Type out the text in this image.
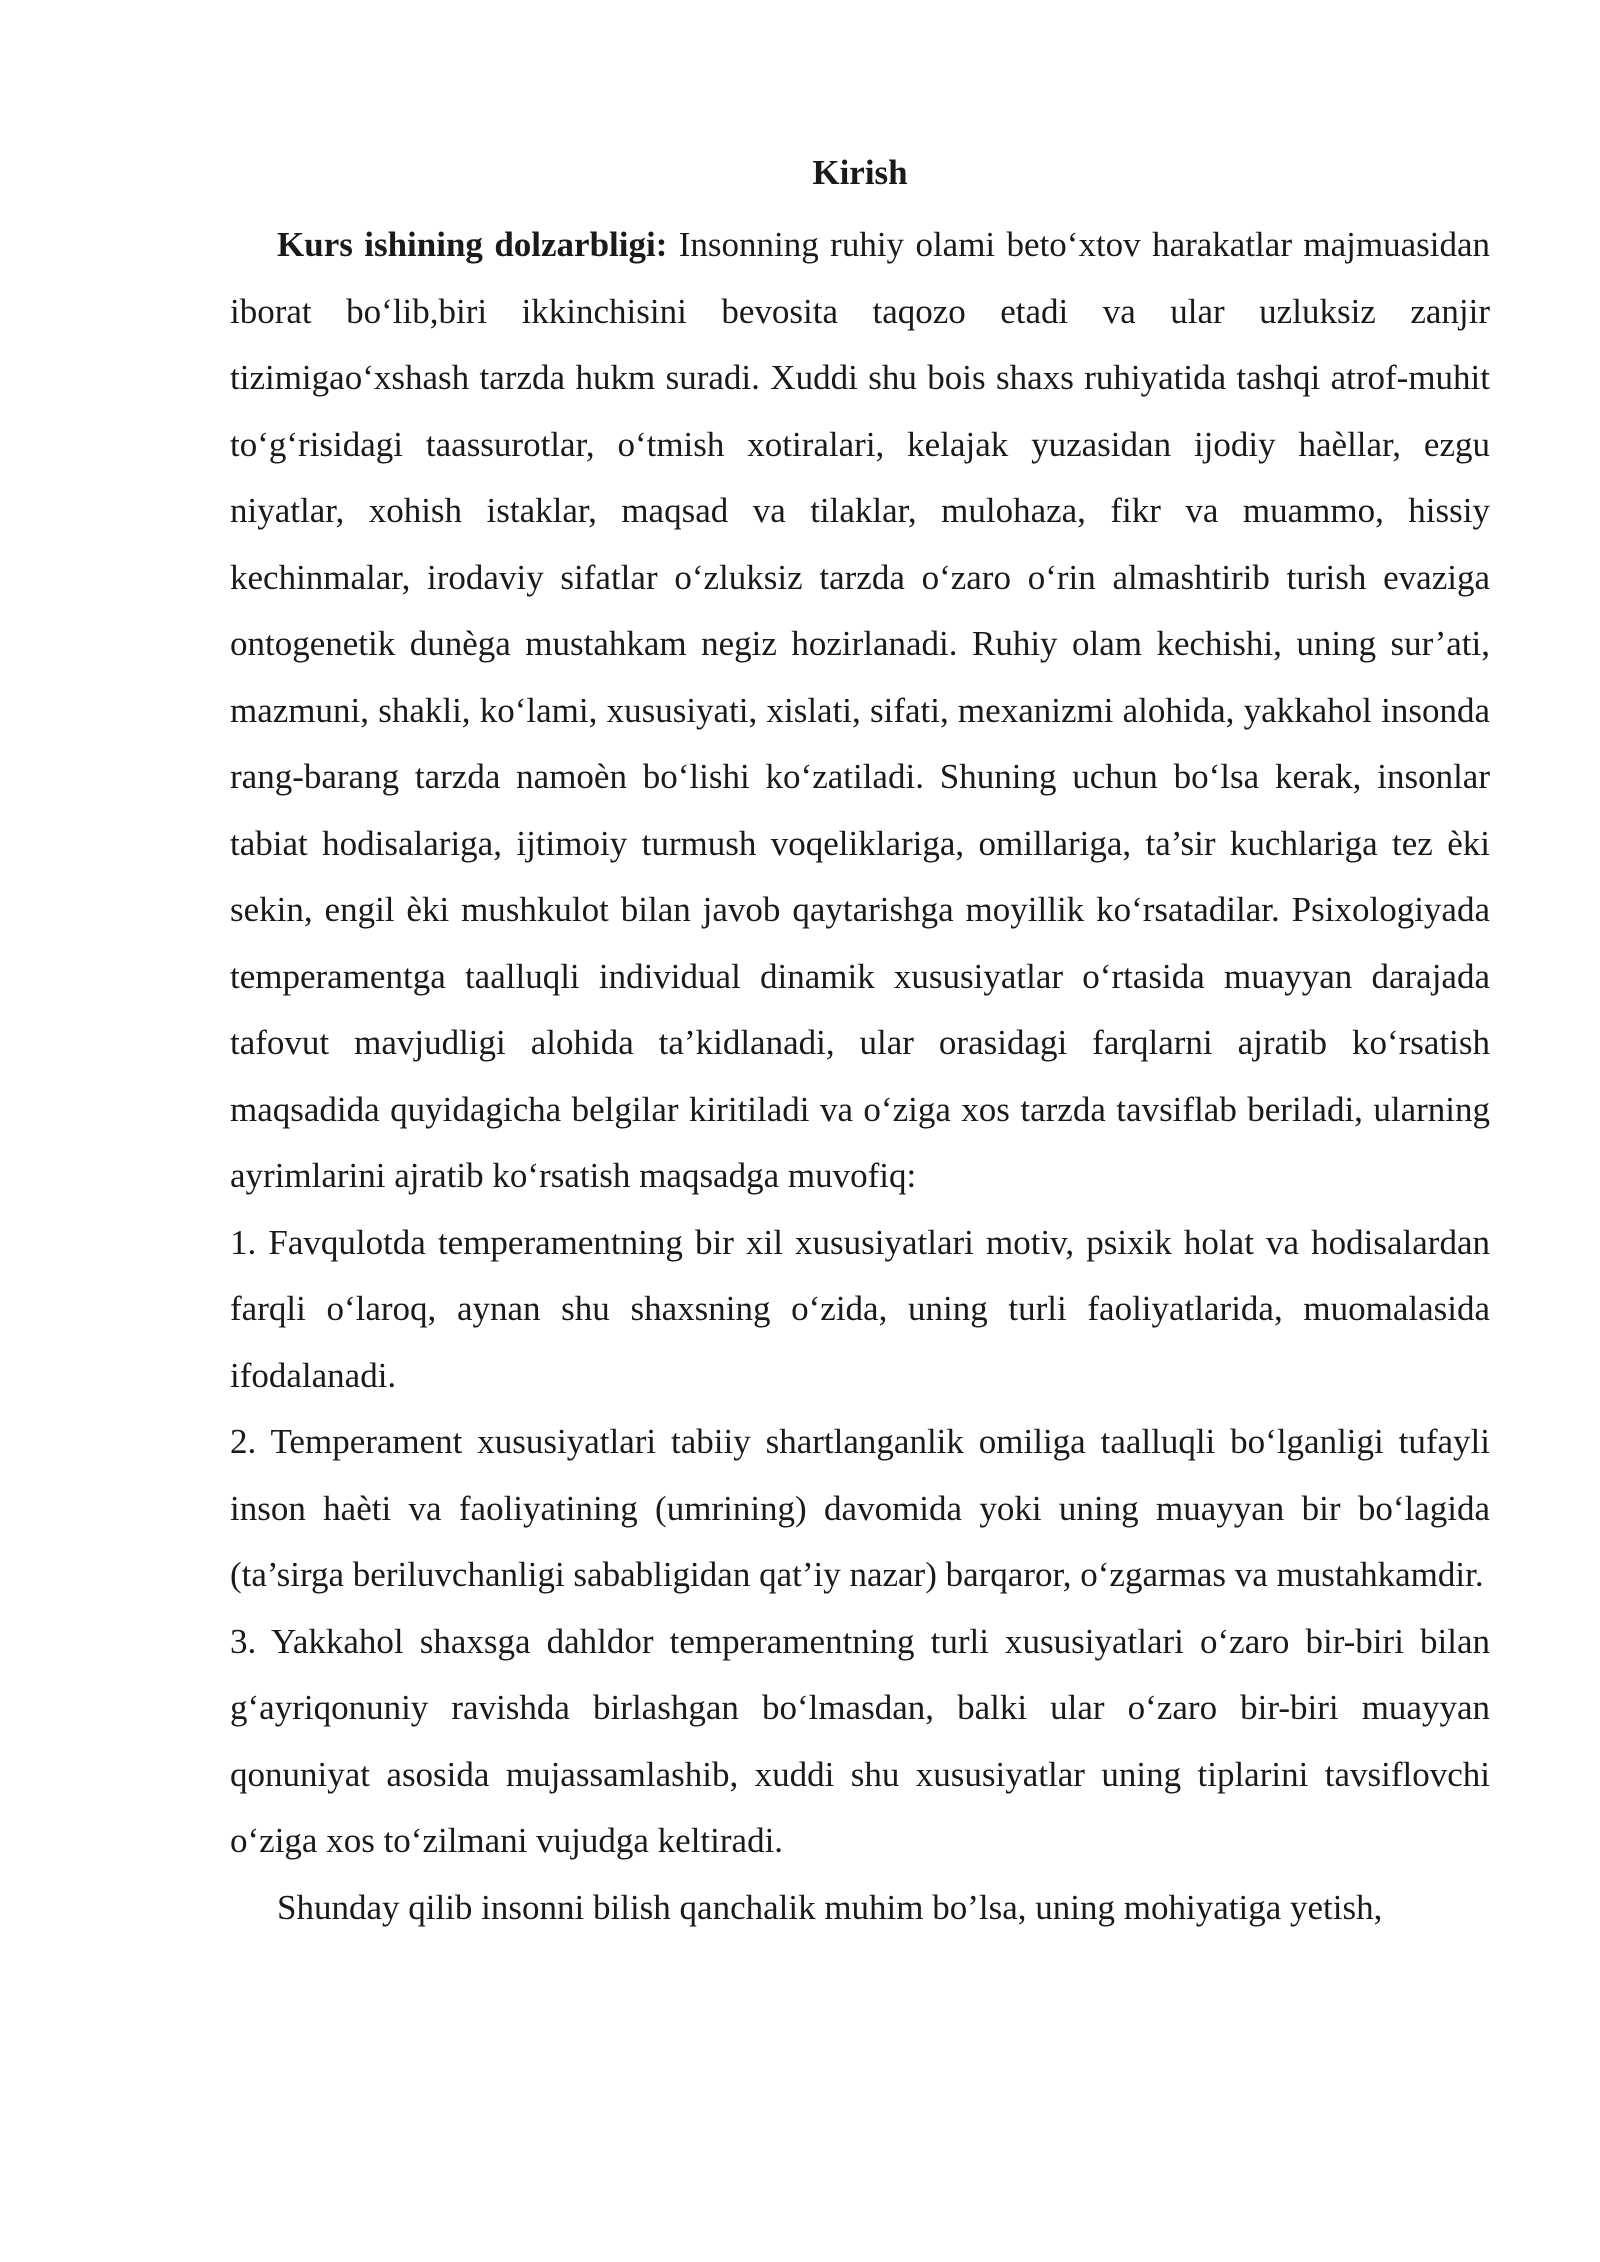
Kirish

Kurs ishining dolzarbligi: Insonning ruhiy olami beto‘xtov harakatlar majmuasidan iborat bo‘lib,biri ikkinchisini bevosita taqozo etadi va ular uzluksiz zanjir tizimigao‘xshash tarzda hukm suradi. Xuddi shu bois shaxs ruhiyatida tashqi atrof-muhit to‘g‘risidagi taassurotlar, o‘tmish xotiralari, kelajak yuzasidan ijodiy haèllar, ezgu niyatlar, xohish istaklar, maqsad va tilaklar, mulohaza, fikr va muammo, hissiy kechinmalar, irodaviy sifatlar o‘zluksiz tarzda o‘zaro o‘rin almashtirib turish evaziga ontogenetik dunèga mustahkam negiz hozirlanadi. Ruhiy olam kechishi, uning sur’ati, mazmuni, shakli, ko‘lami, xususiyati, xislati, sifati, mexanizmi alohida, yakkahol insonda rang-barang tarzda namoèn bo‘lishi ko‘zatiladi. Shuning uchun bo‘lsa kerak, insonlar tabiat hodisalariga, ijtimoiy turmush voqeliklariga, omillariga, ta’sir kuchlariga tez èki sekin, engil èki mushkulot bilan javob qaytarishga moyillik ko‘rsatadilar. Psixologiyada temperamentga taalluqli individual dinamik xususiyatlar o‘rtasida muayyan darajada tafovut mavjudligi alohida ta’kidlanadi, ular orasidagi farqlarni ajratib ko‘rsatish maqsadida quyidagicha belgilar kiritiladi va o‘ziga xos tarzda tavsiflab beriladi, ularning ayrimlarini ajratib ko‘rsatish maqsadga muvofiq:

1. Favqulotda temperamentning bir xil xususiyatlari motiv, psixik holat va hodisalardan farqli o‘laroq, aynan shu shaxsning o‘zida, uning turli faoliyatlarida, muomalasida ifodalanadi.

2. Temperament xususiyatlari tabiiy shartlanganlik omiliga taalluqli bo‘lganligi tufayli inson haèti va faoliyatining (umrining) davomida yoki uning muayyan bir bo‘lagida (ta’sirga beriluvchanligi sababligidan qat’iy nazar) barqaror, o‘zgarmas va mustahkamdir.

3. Yakkahol shaxsga dahldor temperamentning turli xususiyatlari o‘zaro bir-biri bilan g‘ayriqonuniy ravishda birlashgan bo‘lmasdan, balki ular o‘zaro bir-biri muayyan qonuniyat asosida mujassamlashib, xuddi shu xususiyatlar uning tiplarini tavsiflovchi o‘ziga xos to‘zilmani vujudga keltiradi.

Shunday qilib insonni bilish qanchalik muhim bo’lsa, uning mohiyatiga yetish,
